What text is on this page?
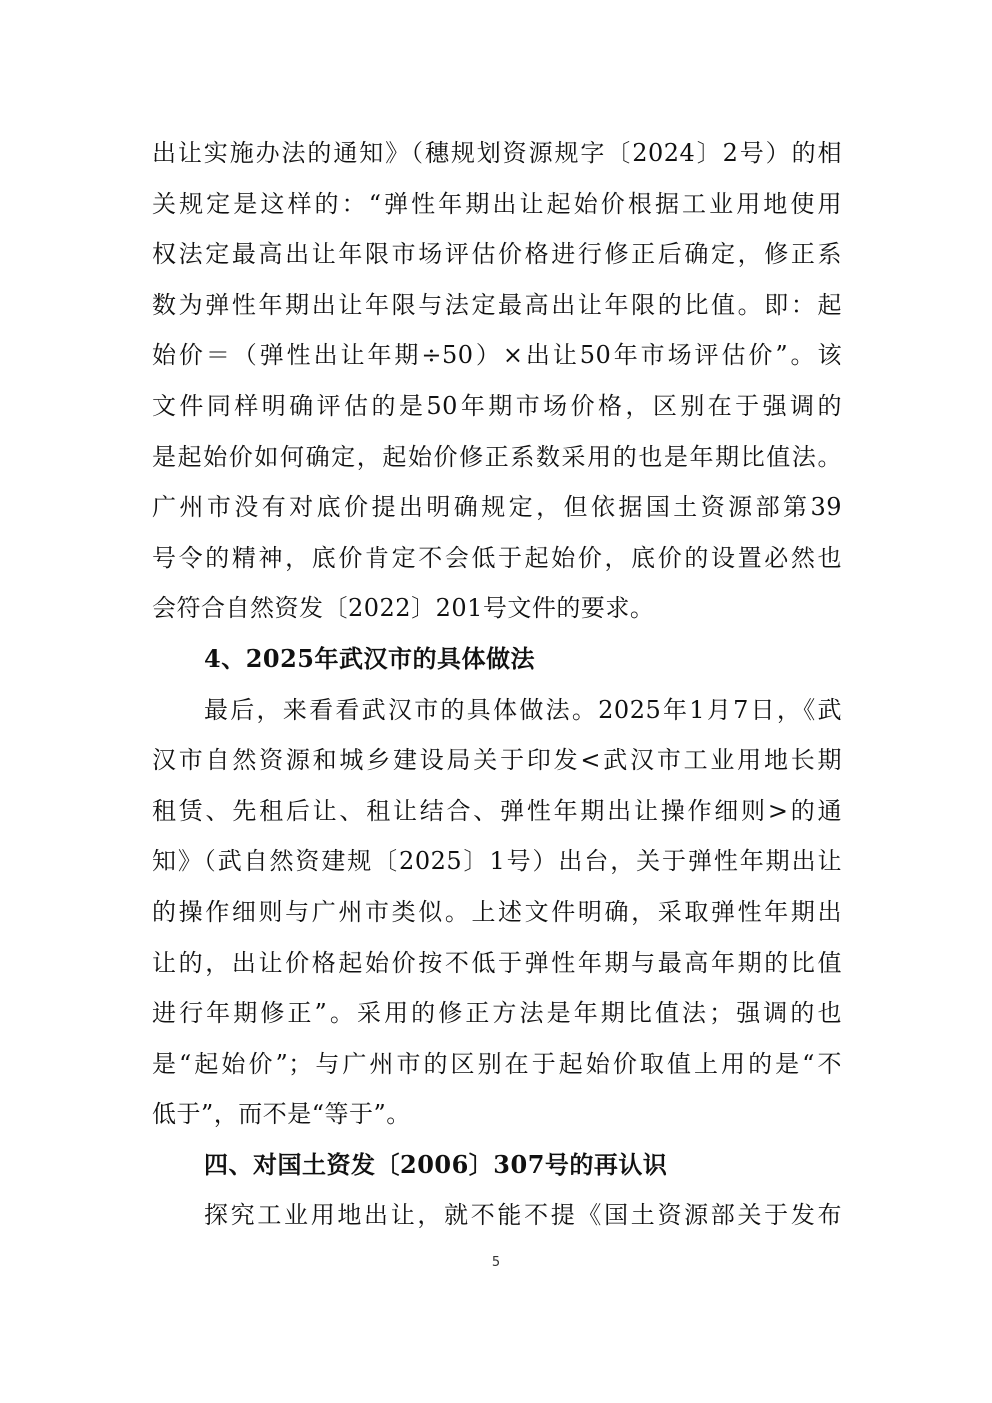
出让实施办法的通知》（穗规划资源规字〔2024〕2号）的相
关规定是这样的：“弹性年期出让起始价根据工业用地使用
权法定最高出让年限市场评估价格进行修正后确定，修正系
数为弹性年期出让年限与法定最高出让年限的比值。即：起
始价＝（弹性出让年期÷50）×出让50年市场评估价”。该
文件同样明确评估的是50年期市场价格，区别在于强调的
是起始价如何确定，起始价修正系数采用的也是年期比值法。
广州市没有对底价提出明确规定，但依据国土资源部第39
号令的精神，底价肯定不会低于起始价，底价的设置必然也
会符合自然资发〔2022〕201号文件的要求。
4、2025年武汉市的具体做法
最后，来看看武汉市的具体做法。2025年1月7日，《武
汉市自然资源和城乡建设局关于印发<武汉市工业用地长期
租赁、先租后让、租让结合、弹性年期出让操作细则>的通
知》（武自然资建规〔2025〕1号）出台，关于弹性年期出让
的操作细则与广州市类似。上述文件明确，采取弹性年期出
让的，出让价格起始价按不低于弹性年期与最高年期的比值
进行年期修正”。采用的修正方法是年期比值法；强调的也
是“起始价”；与广州市的区别在于起始价取值上用的是“不
低于”，而不是“等于”。
四、对国土资发〔2006〕307号的再认识
探究工业用地出让，就不能不提《国土资源部关于发布
5
